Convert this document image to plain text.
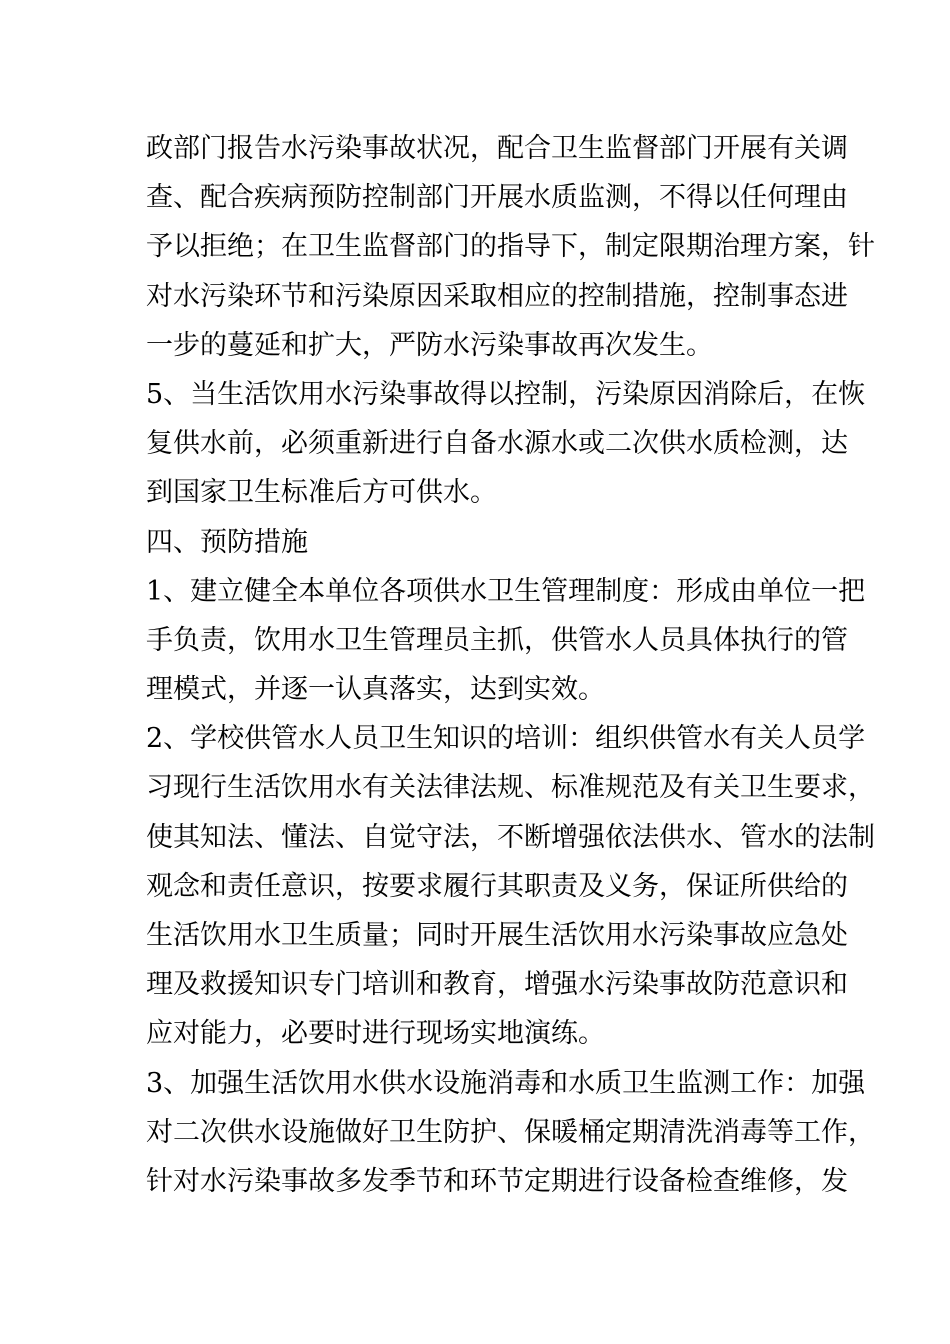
政部门报告水污染事故状况，配合卫生监督部门开展有关调
查、配合疾病预防控制部门开展水质监测，不得以任何理由
予以拒绝；在卫生监督部门的指导下，制定限期治理方案，针
对水污染环节和污染原因采取相应的控制措施，控制事态进
一步的蔓延和扩大，严防水污染事故再次发生。
5、当生活饮用水污染事故得以控制，污染原因消除后，在恢
复供水前，必须重新进行自备水源水或二次供水质检测，达
到国家卫生标准后方可供水。
四、预防措施
1、建立健全本单位各项供水卫生管理制度：形成由单位一把
手负责，饮用水卫生管理员主抓，供管水人员具体执行的管
理模式，并逐一认真落实，达到实效。
2、学校供管水人员卫生知识的培训：组织供管水有关人员学
习现行生活饮用水有关法律法规、标准规范及有关卫生要求，
使其知法、懂法、自觉守法，不断增强依法供水、管水的法制
观念和责任意识，按要求履行其职责及义务，保证所供给的
生活饮用水卫生质量；同时开展生活饮用水污染事故应急处
理及救援知识专门培训和教育，增强水污染事故防范意识和
应对能力，必要时进行现场实地演练。
3、加强生活饮用水供水设施消毒和水质卫生监测工作：加强
对二次供水设施做好卫生防护、保暖桶定期清洗消毒等工作，
针对水污染事故多发季节和环节定期进行设备检查维修，发
